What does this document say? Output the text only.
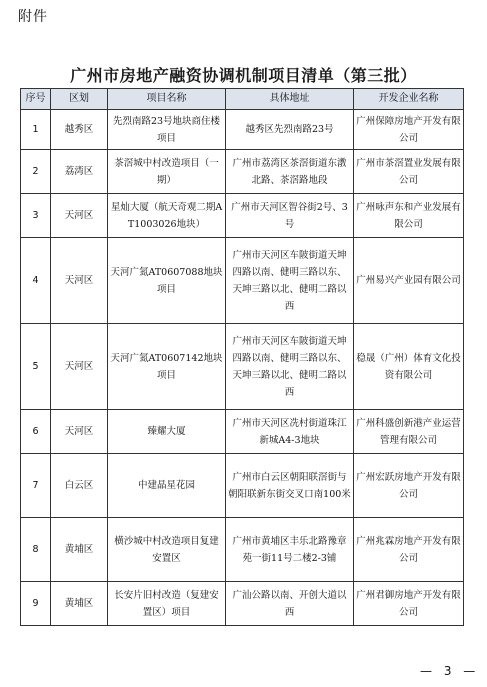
附件
广州市房地产融资协调机制项目清单（第三批）
序号	区划	项目名称	具体地址	开发企业名称
1	越秀区	先烈南路23号地块商住楼项目	越秀区先烈南路23号	广州保障房地产开发有限公司
2	荔湾区	茶滘城中村改造项目（一期）	广州市荔湾区茶滘街道东漖北路、茶滘路地段	广州市茶滘置业发展有限公司
3	天河区	星灿大厦（航天奇观二期AT1003026地块）	广州市天河区智谷街2号、3号	广州咏声东和产业发展有限公司
4	天河区	天河广氮AT0607088地块项目	广州市天河区车陂街道天坤四路以南、健明三路以东、天坤三路以北、健明二路以西	广州易兴产业园有限公司
5	天河区	天河广氮AT0607142地块项目	广州市天河区车陂街道天坤四路以南、健明三路以东、天坤三路以北、健明二路以西	稳晟（广州）体育文化投资有限公司
6	天河区	臻耀大厦	广州市天河区冼村街道珠江新城A4-3地块	广州科盛创新港产业运营管理有限公司
7	白云区	中建晶星花园	广州市白云区朝阳联滘街与朝阳联新东街交叉口南100米	广州宏跃房地产开发有限公司
8	黄埔区	横沙城中村改造项目复建安置区	广州市黄埔区丰乐北路豫章苑一街11号二楼2-3铺	广州兆霖房地产开发有限公司
9	黄埔区	长安片旧村改造（复建安置区）项目	广汕公路以南、开创大道以西	广州君御房地产开发有限公司
— 3 —
